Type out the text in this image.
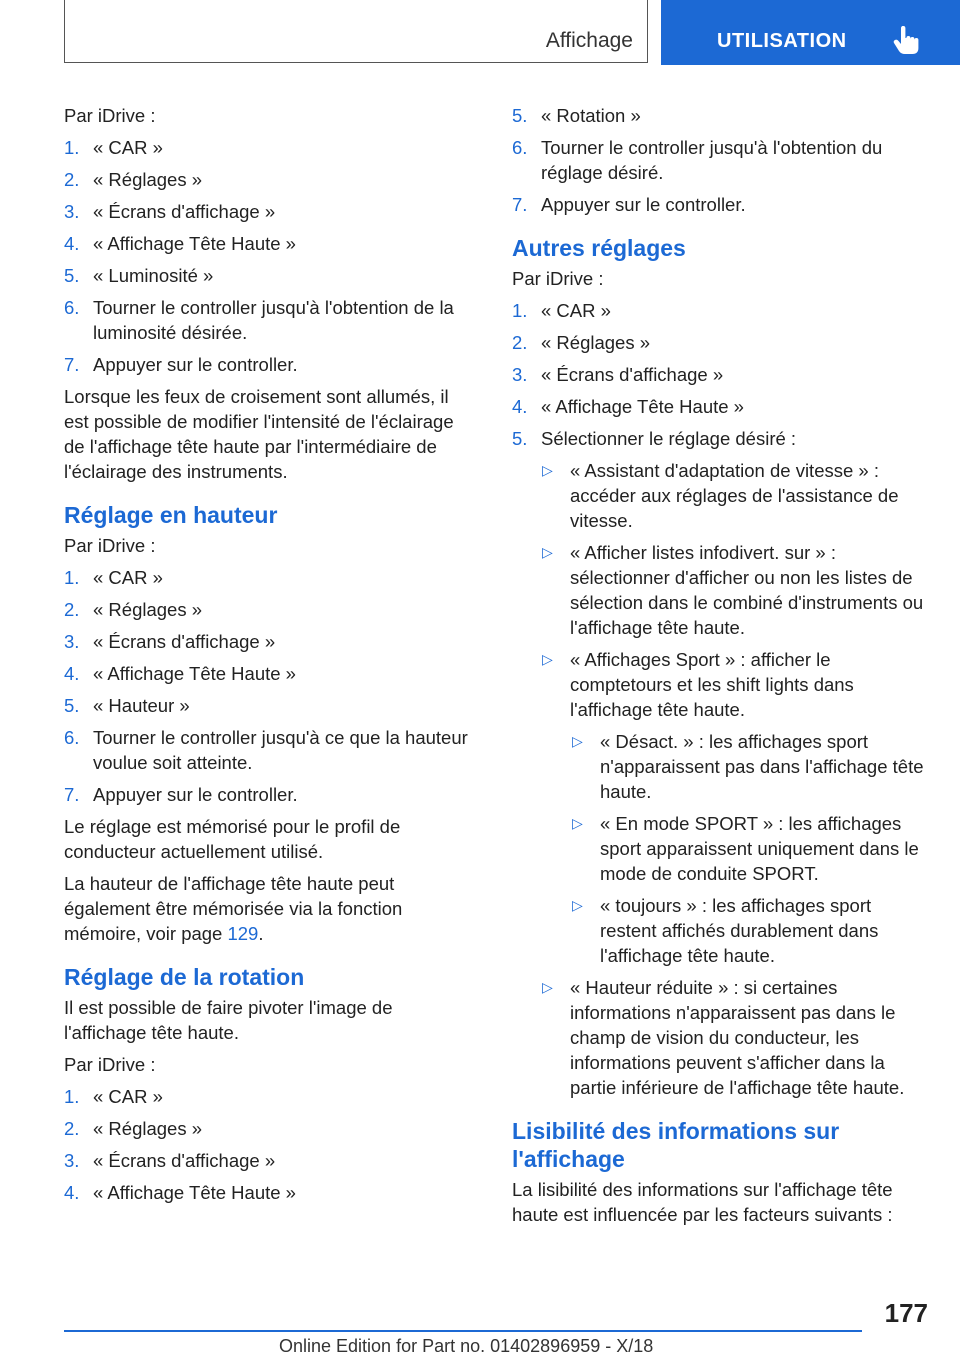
Affichage	UTILISATION

Par iDrive :

1. « CAR »
2. « Réglages »
3. « Écrans d'affichage »
4. « Affichage Tête Haute »
5. « Luminosité »
6. Tourner le controller jusqu'à l'obtention de la luminosité désirée.
7. Appuyer sur le controller.

Lorsque les feux de croisement sont allumés, il est possible de modifier l'intensité de l'éclairage de l'affichage tête haute par l'intermédiaire de l'éclairage des instruments.

Réglage en hauteur

Par iDrive :

1. « CAR »
2. « Réglages »
3. « Écrans d'affichage »
4. « Affichage Tête Haute »
5. « Hauteur »
6. Tourner le controller jusqu'à ce que la hauteur voulue soit atteinte.
7. Appuyer sur le controller.

Le réglage est mémorisé pour le profil de conducteur actuellement utilisé.

La hauteur de l'affichage tête haute peut également être mémorisée via la fonction mémoire, voir page 129.

Réglage de la rotation

Il est possible de faire pivoter l'image de l'affichage tête haute.

Par iDrive :

1. « CAR »
2. « Réglages »
3. « Écrans d'affichage »
4. « Affichage Tête Haute »
5. « Rotation »
6. Tourner le controller jusqu'à l'obtention du réglage désiré.
7. Appuyer sur le controller.
Autres réglages

Par iDrive :

1. « CAR »
2. « Réglages »
3. « Écrans d'affichage »
4. « Affichage Tête Haute »
5. Sélectionner le réglage désiré :
▷ « Assistant d'adaptation de vitesse » : accéder aux réglages de l'assistance de vitesse.
▷ « Afficher listes infodivert. sur » : sélectionner d'afficher ou non les listes de sélection dans le combiné d'instruments ou l'affichage tête haute.
▷ « Affichages Sport » : afficher le comptetours et les shift lights dans l'affichage tête haute.
▷ « Désact. » : les affichages sport n'apparaissent pas dans l'affichage tête haute.
▷ « En mode SPORT » : les affichages sport apparaissent uniquement dans le mode de conduite SPORT.
▷ « toujours » : les affichages sport restent affichés durablement dans l'affichage tête haute.
▷ « Hauteur réduite » : si certaines informations n'apparaissent pas dans le champ de vision du conducteur, les informations peuvent s'afficher dans la partie inférieure de l'affichage tête haute.
Lisibilité des informations sur l'affichage

La lisibilité des informations sur l'affichage tête haute est influencée par les facteurs suivants :

177
Online Edition for Part no. 01402896959 - X/18
